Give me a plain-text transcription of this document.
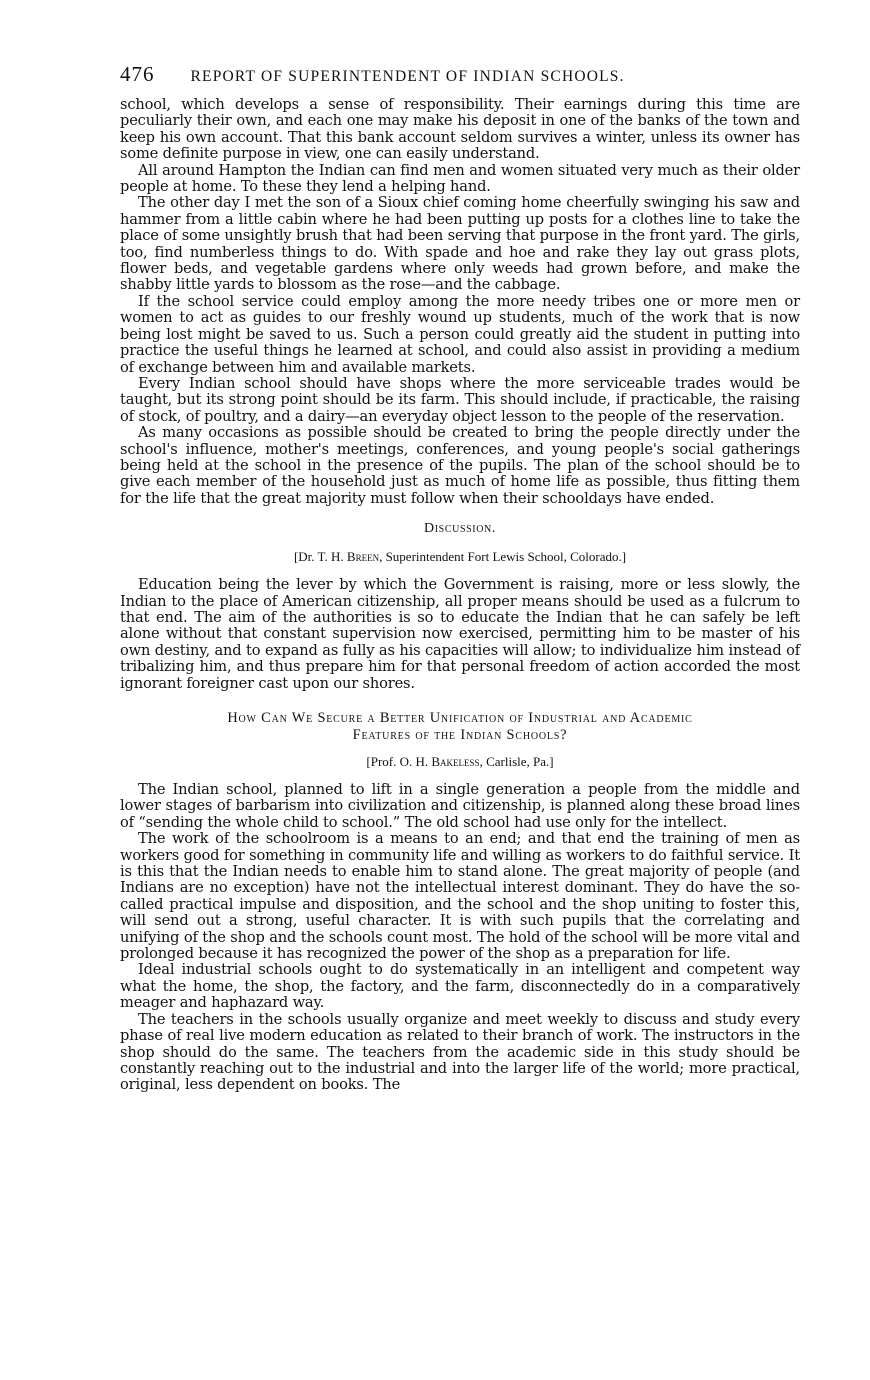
476 REPORT OF SUPERINTENDENT OF INDIAN SCHOOLS.

school, which develops a sense of responsibility. Their earnings during this time are peculiarly their own, and each one may make his deposit in one of the banks of the town and keep his own account. That this bank account seldom survives a winter, unless its owner has some definite purpose in view, one can easily understand.

All around Hampton the Indian can find men and women situated very much as their older people at home. To these they lend a helping hand.

The other day I met the son of a Sioux chief coming home cheerfully swinging his saw and hammer from a little cabin where he had been putting up posts for a clothes line to take the place of some unsightly brush that had been serving that purpose in the front yard. The girls, too, find numberless things to do. With spade and hoe and rake they lay out grass plots, flower beds, and vegetable gardens where only weeds had grown before, and make the shabby little yards to blossom as the rose—and the cabbage.

If the school service could employ among the more needy tribes one or more men or women to act as guides to our freshly wound up students, much of the work that is now being lost might be saved to us. Such a person could greatly aid the student in putting into practice the useful things he learned at school, and could also assist in providing a medium of exchange between him and available markets.

Every Indian school should have shops where the more serviceable trades would be taught, but its strong point should be its farm. This should include, if practicable, the raising of stock, of poultry, and a dairy—an everyday object lesson to the people of the reservation.

As many occasions as possible should be created to bring the people directly under the school's influence, mother's meetings, conferences, and young people's social gatherings being held at the school in the presence of the pupils. The plan of the school should be to give each member of the household just as much of home life as possible, thus fitting them for the life that the great majority must follow when their schooldays have ended.

Discussion.
[Dr. T. H. Breen, Superintendent Fort Lewis School, Colorado.]

Education being the lever by which the Government is raising, more or less slowly, the Indian to the place of American citizenship, all proper means should be used as a fulcrum to that end. The aim of the authorities is so to educate the Indian that he can safely be left alone without that constant supervision now exercised, permitting him to be master of his own destiny, and to expand as fully as his capacities will allow; to individualize him instead of tribalizing him, and thus prepare him for that personal freedom of action accorded the most ignorant foreigner cast upon our shores.

How Can We Secure a Better Unification of Industrial and Academic
Features of the Indian Schools?
[Prof. O. H. Bakeless, Carlisle, Pa.]

The Indian school, planned to lift in a single generation a people from the middle and lower stages of barbarism into civilization and citizenship, is planned along these broad lines of “sending the whole child to school.” The old school had use only for the intellect.

The work of the schoolroom is a means to an end; and that end the training of men as workers good for something in community life and willing as workers to do faithful service. It is this that the Indian needs to enable him to stand alone. The great majority of people (and Indians are no exception) have not the intellectual interest dominant. They do have the so-called practical impulse and disposition, and the school and the shop uniting to foster this, will send out a strong, useful character. It is with such pupils that the correlating and unifying of the shop and the schools count most. The hold of the school will be more vital and prolonged because it has recognized the power of the shop as a preparation for life.

Ideal industrial schools ought to do systematically in an intelligent and competent way what the home, the shop, the factory, and the farm, disconnectedly do in a comparatively meager and haphazard way.

The teachers in the schools usually organize and meet weekly to discuss and study every phase of real live modern education as related to their branch of work. The instructors in the shop should do the same. The teachers from the academic side in this study should be constantly reaching out to the industrial and into the larger life of the world; more practical, original, less dependent on books. The
